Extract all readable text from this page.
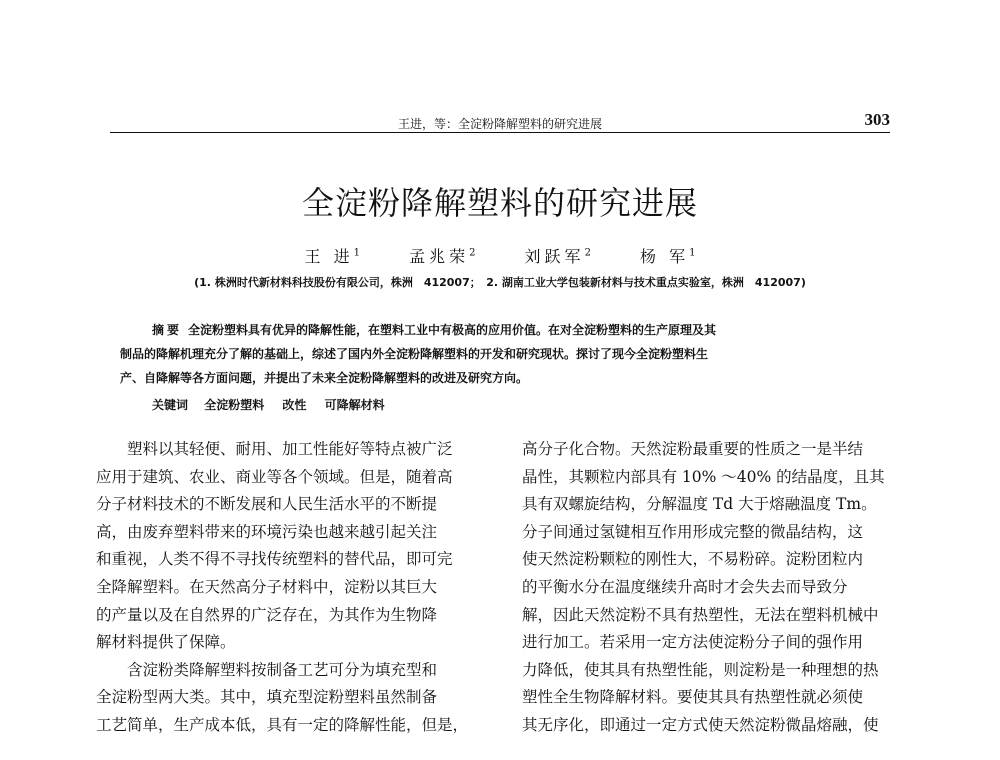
王进，等：全淀粉降解塑料的研究进展	303
全淀粉降解塑料的研究进展
王 进$^1$	孟兆荣$^2$	刘跃军$^2$	杨 军$^1$
(1. 株洲时代新材料科技股份有限公司，株洲　412007；　2. 湖南工业大学包装新材料与技术重点实验室，株洲　412007)

摘要 全淀粉塑料具有优异的降解性能，在塑料工业中有极高的应用价值。在对全淀粉塑料的生产原理及其

制品的降解机理充分了解的基础上，综述了国内外全淀粉降解塑料的开发和研究现状。探讨了现今全淀粉塑料生

产、自降解等各方面问题，并提出了未来全淀粉降解塑料的改进及研究方向。

关键词 全淀粉塑料 改性 可降解材料

塑料以其轻便、耐用、加工性能好等特点被广泛

应用于建筑、农业、商业等各个领域。但是，随着高

分子材料技术的不断发展和人民生活水平的不断提

高，由废弃塑料带来的环境污染也越来越引起关注

和重视，人类不得不寻找传统塑料的替代品，即可完

全降解塑料。在天然高分子材料中，淀粉以其巨大

的产量以及在自然界的广泛存在，为其作为生物降

解材料提供了保障。

含淀粉类降解塑料按制备工艺可分为填充型和

全淀粉型两大类。其中，填充型淀粉塑料虽然制备

工艺简单，生产成本低，具有一定的降解性能，但是，

高分子化合物。天然淀粉最重要的性质之一是半结

晶性，其颗粒内部具有 10% ～40% 的结晶度，且其

具有双螺旋结构，分解温度 Td 大于熔融温度 Tm。

分子间通过氢键相互作用形成完整的微晶结构，这

使天然淀粉颗粒的刚性大，不易粉碎。淀粉团粒内

的平衡水分在温度继续升高时才会失去而导致分

解，因此天然淀粉不具有热塑性，无法在塑料机械中

进行加工。若采用一定方法使淀粉分子间的强作用

力降低，使其具有热塑性能，则淀粉是一种理想的热

塑性全生物降解材料。要使其具有热塑性就必须使

其无序化，即通过一定方式使天然淀粉微晶熔融，使
